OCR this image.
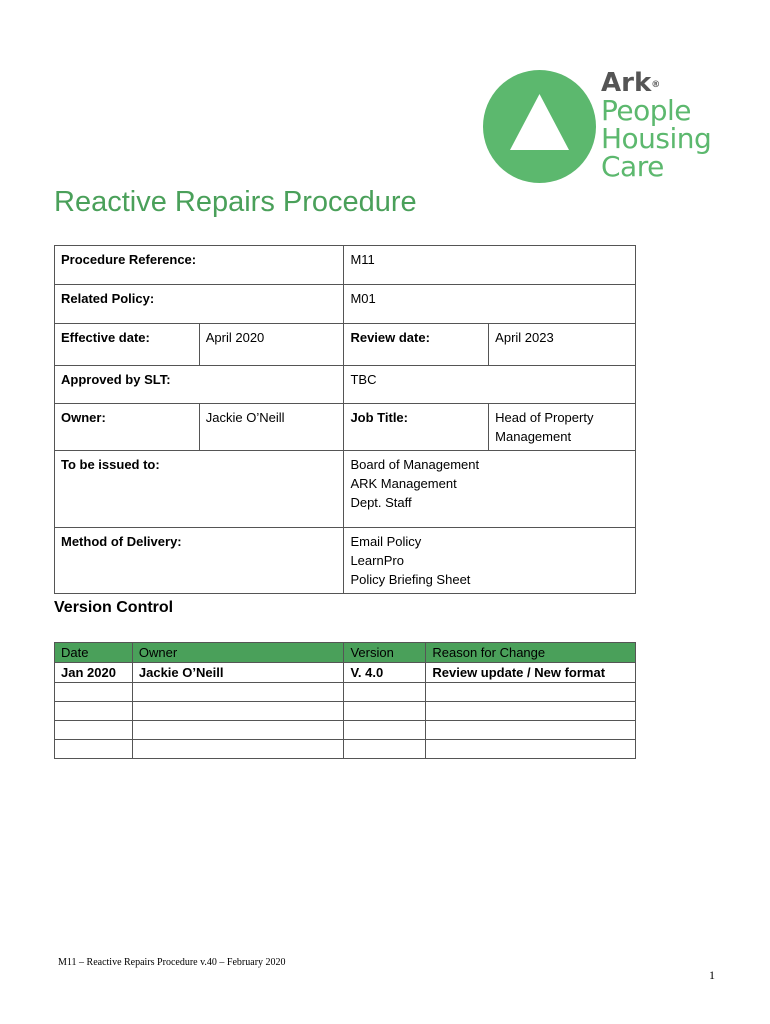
Ark®
People
Housing
Care
Reactive Repairs Procedure
Procedure Reference:		M11	
Related Policy:		M01	
Effective date:	April 2020	Review date:	April 2023
Approved by SLT:		TBC	
Owner:	Jackie O’Neill	Job Title:	Head of Property
Management

To be issued to:		Board of Management
ARK Management
Dept. Staff	

Method of Delivery:		Email Policy
LearnPro
Policy Briefing Sheet	
Version Control
Date	Owner	Version	Reason for Change
Jan 2020	Jackie O’Neill	V. 4.0	Review update / New format

M11 – Reactive Repairs Procedure v.40 – February 2020
1
